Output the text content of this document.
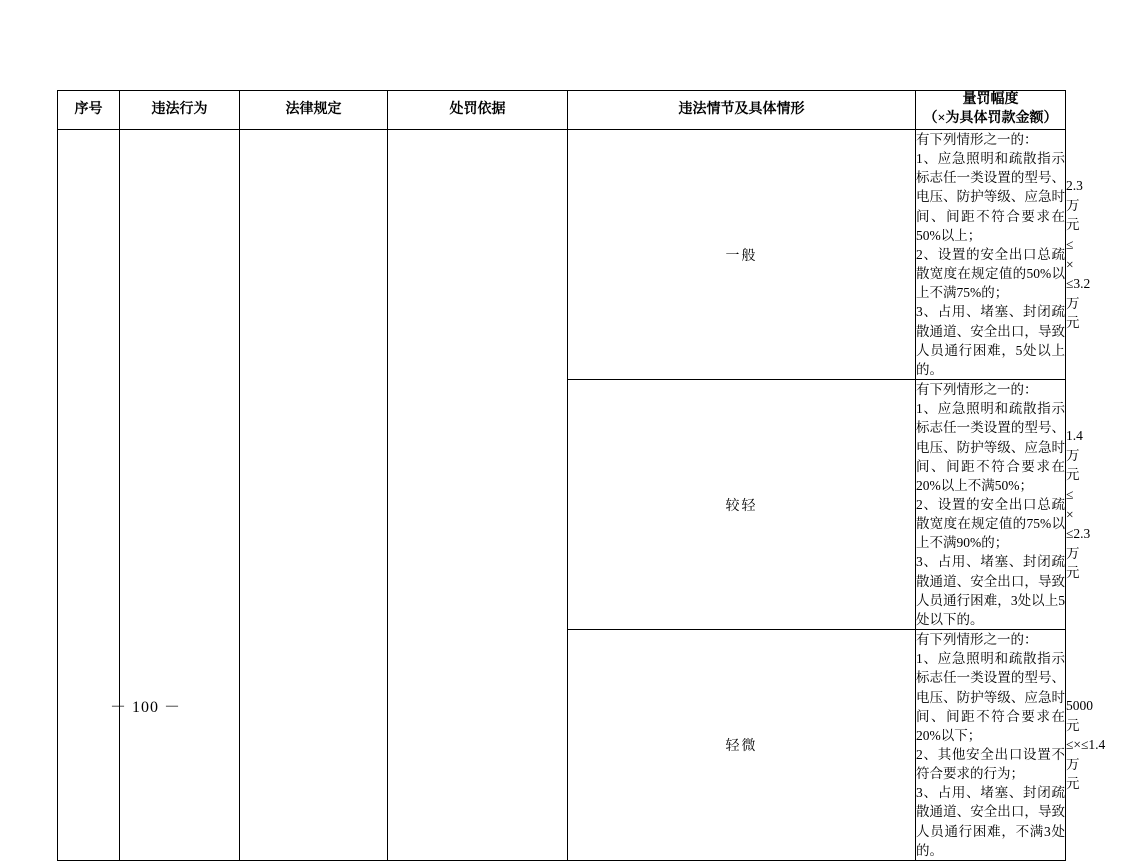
序号	违法行为	法律规定	处罚依据	违法情节及具体情形	量罚幅度
（×为具体罚款金额）	

				一般	有下列情形之一的：

1、应急照明和疏散指示标志任一类设置的型号、电压、防护等级、应急时间、间距不符合要求在50%以上；

2、设置的安全出口总疏散宽度在规定值的50%以上不满75%的；

3、占用、堵塞、封闭疏散通道、安全出口，导致人员通行困难，5处以上的。	2.3万元 ≤ × ≤3.2万元
				较轻	有下列情形之一的：

1、应急照明和疏散指示标志任一类设置的型号、电压、防护等级、应急时间、间距不符合要求在20%以上不满50%；

2、设置的安全出口总疏散宽度在规定值的75%以上不满90%的；

3、占用、堵塞、封闭疏散通道、安全出口，导致人员通行困难，3处以上5处以下的。	1.4万元 ≤ × ≤2.3万元
				轻微	有下列情形之一的：

1、应急照明和疏散指示标志任一类设置的型号、电压、防护等级、应急时间、间距不符合要求在20%以下；

2、其他安全出口设置不符合要求的行为；

3、占用、堵塞、封闭疏散通道、安全出口，导致人员通行困难，不满3处的。	5000元≤×≤1.4万元
－ 100 －
